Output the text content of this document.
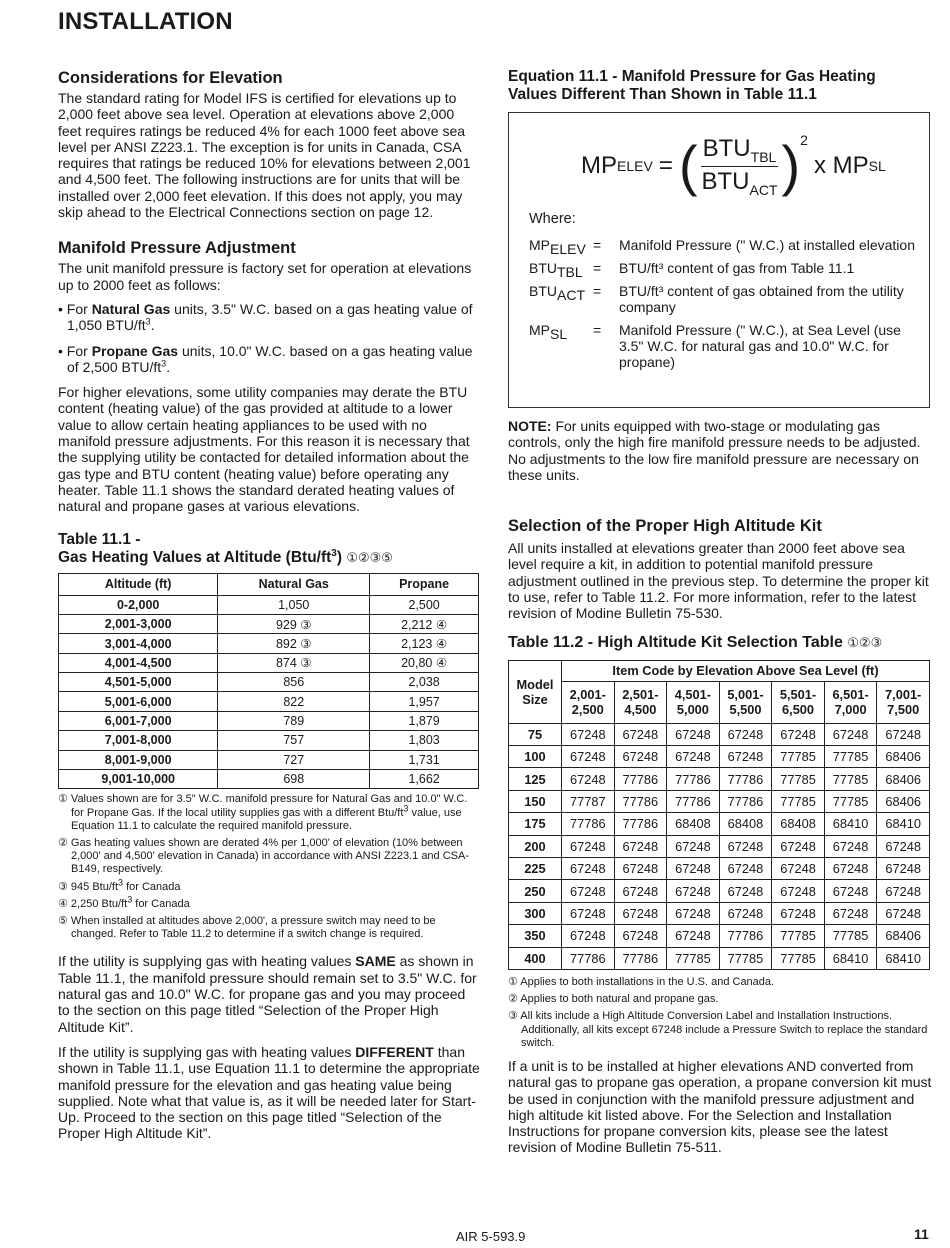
INSTALLATION
Considerations for Elevation

The standard rating for Model IFS is certified for elevations up to 2,000 feet above sea level. Operation at elevations above 2,000 feet requires ratings be reduced 4% for each 1000 feet above sea level per ANSI Z223.1. The exception is for units in Canada, CSA requires that ratings be reduced 10% for elevations between 2,001 and 4,500 feet. The following instructions are for units that will be installed over 2,000 feet elevation. If this does not apply, you may skip ahead to the Electrical Connections section on page 12.

Manifold Pressure Adjustment

The unit manifold pressure is factory set for operation at elevations up to 2000 feet as follows:

• For Natural Gas units, 3.5" W.C. based on a gas heating value of 1,050 BTU/$ft^3$.
• For Propane Gas units, 10.0" W.C. based on a gas heating value of 2,500 BTU/$ft^3$.

For higher elevations, some utility companies may derate the BTU content (heating value) of the gas provided at altitude to a lower value to allow certain heating appliances to be used with no manifold pressure adjustments. For this reason it is necessary that the supplying utility be contacted for detailed information about the gas type and BTU content (heating value) before operating any heater. Table 11.1 shows the standard derated heating values of natural and propane gases at various elevations.

Table 11.1 -
Gas Heating Values at Altitude $(Btu/ft^3)$ ①②③⑤
Altitude (ft)	Natural Gas	Propane
0-2,000	1,050	2,500
2,001-3,000	929 ③	2,212 ④
3,001-4,000	892 ③	2,123 ④
4,001-4,500	874 ③	20,80 ④
4,501-5,000	856	2,038
5,001-6,000	822	1,957
6,001-7,000	789	1,879
7,001-8,000	757	1,803
8,001-9,000	727	1,731
9,001-10,000	698	1,662
① Values shown are for 3.5" W.C. manifold pressure for Natural Gas and 10.0" W.C. for Propane Gas. If the local utility supplies gas with a different Btu/$ft^3$ value, use Equation 11.1 to calculate the required manifold pressure.
② Gas heating values shown are derated 4% per 1,000' of elevation (10% between 2,000' and 4,500' elevation in Canada) in accordance with ANSI Z223.1 and CSA-B149, respectively.
③ 945 Btu/$ft^3$ for Canada
④ 2,250 Btu/$ft^3$ for Canada
⑤ When installed at altitudes above 2,000', a pressure switch may need to be changed. Refer to Table 11.2 to determine if a switch change is required.

If the utility is supplying gas with heating values SAME as shown in Table 11.1, the manifold pressure should remain set to 3.5" W.C. for natural gas and 10.0" W.C. for propane gas and you may proceed to the section on this page titled “Selection of the Proper High Altitude Kit”.

If the utility is supplying gas with heating values DIFFERENT than shown in Table 11.1, use Equation 11.1 to determine the appropriate manifold pressure for the elevation and gas heating value being supplied. Note what that value is, as it will be needed later for Start-Up. Proceed to the section on this page titled “Selection of the Proper High Altitude Kit”.

Equation 11.1 - Manifold Pressure for Gas Heating
Values Different Than Shown in Table 11.1
MP ELEV = ( $\frac{BTU_{TBL}}{BTU_{ACT}}$ ) 2
x MP SL
Where:
MPELEV =	Manifold Pressure (" W.C.) at installed elevation
BTUTBL =	BTU/ft³ content of gas from Table 11.1
BTUACT =	BTU/ft³ content of gas obtained from the utility company
MPSL	=	Manifold Pressure (" W.C.), at Sea Level (use 3.5" W.C. for natural gas and 10.0" W.C. for propane)

NOTE: For units equipped with two-stage or modulating gas controls, only the high fire manifold pressure needs to be adjusted. No adjustments to the low fire manifold pressure are necessary on these units.

Selection of the Proper High Altitude Kit

All units installed at elevations greater than 2000 feet above sea level require a kit, in addition to potential manifold pressure adjustment outlined in the previous step. To determine the proper kit to use, refer to Table 11.2. For more information, refer to the latest revision of Modine Bulletin 75-530.

Table 11.2 - High Altitude Kit Selection Table ①②③
Model Size	Item Code by Elevation Above Sea Level (ft)						
	2,001-
2,500	2,501-
4,500	4,501-
5,000	5,001-
5,500	5,501-
6,500	6,501-
7,000	7,001-
7,500
75	67248	67248	67248	67248	67248	67248	67248
100	67248	67248	67248	67248	77785	77785	68406
125	67248	77786	77786	77786	77785	77785	68406
150	77787	77786	77786	77786	77785	77785	68406
175	77786	77786	68408	68408	68408	68410	68410
200	67248	67248	67248	67248	67248	67248	67248
225	67248	67248	67248	67248	67248	67248	67248
250	67248	67248	67248	67248	67248	67248	67248
300	67248	67248	67248	67248	67248	67248	67248
350	67248	67248	67248	77786	77785	77785	68406
400	77786	77786	77785	77785	77785	68410	68410
① Applies to both installations in the U.S. and Canada.
② Applies to both natural and propane gas.
③ All kits include a High Altitude Conversion Label and Installation Instructions. Additionally, all kits except 67248 include a Pressure Switch to replace the standard switch.

If a unit is to be installed at higher elevations AND converted from natural gas to propane gas operation, a propane conversion kit must be used in conjunction with the manifold pressure adjustment and high altitude kit listed above. For the Selection and Installation Instructions for propane conversion kits, please see the latest revision of Modine Bulletin 75-511.

AIR 5-593.9	11
